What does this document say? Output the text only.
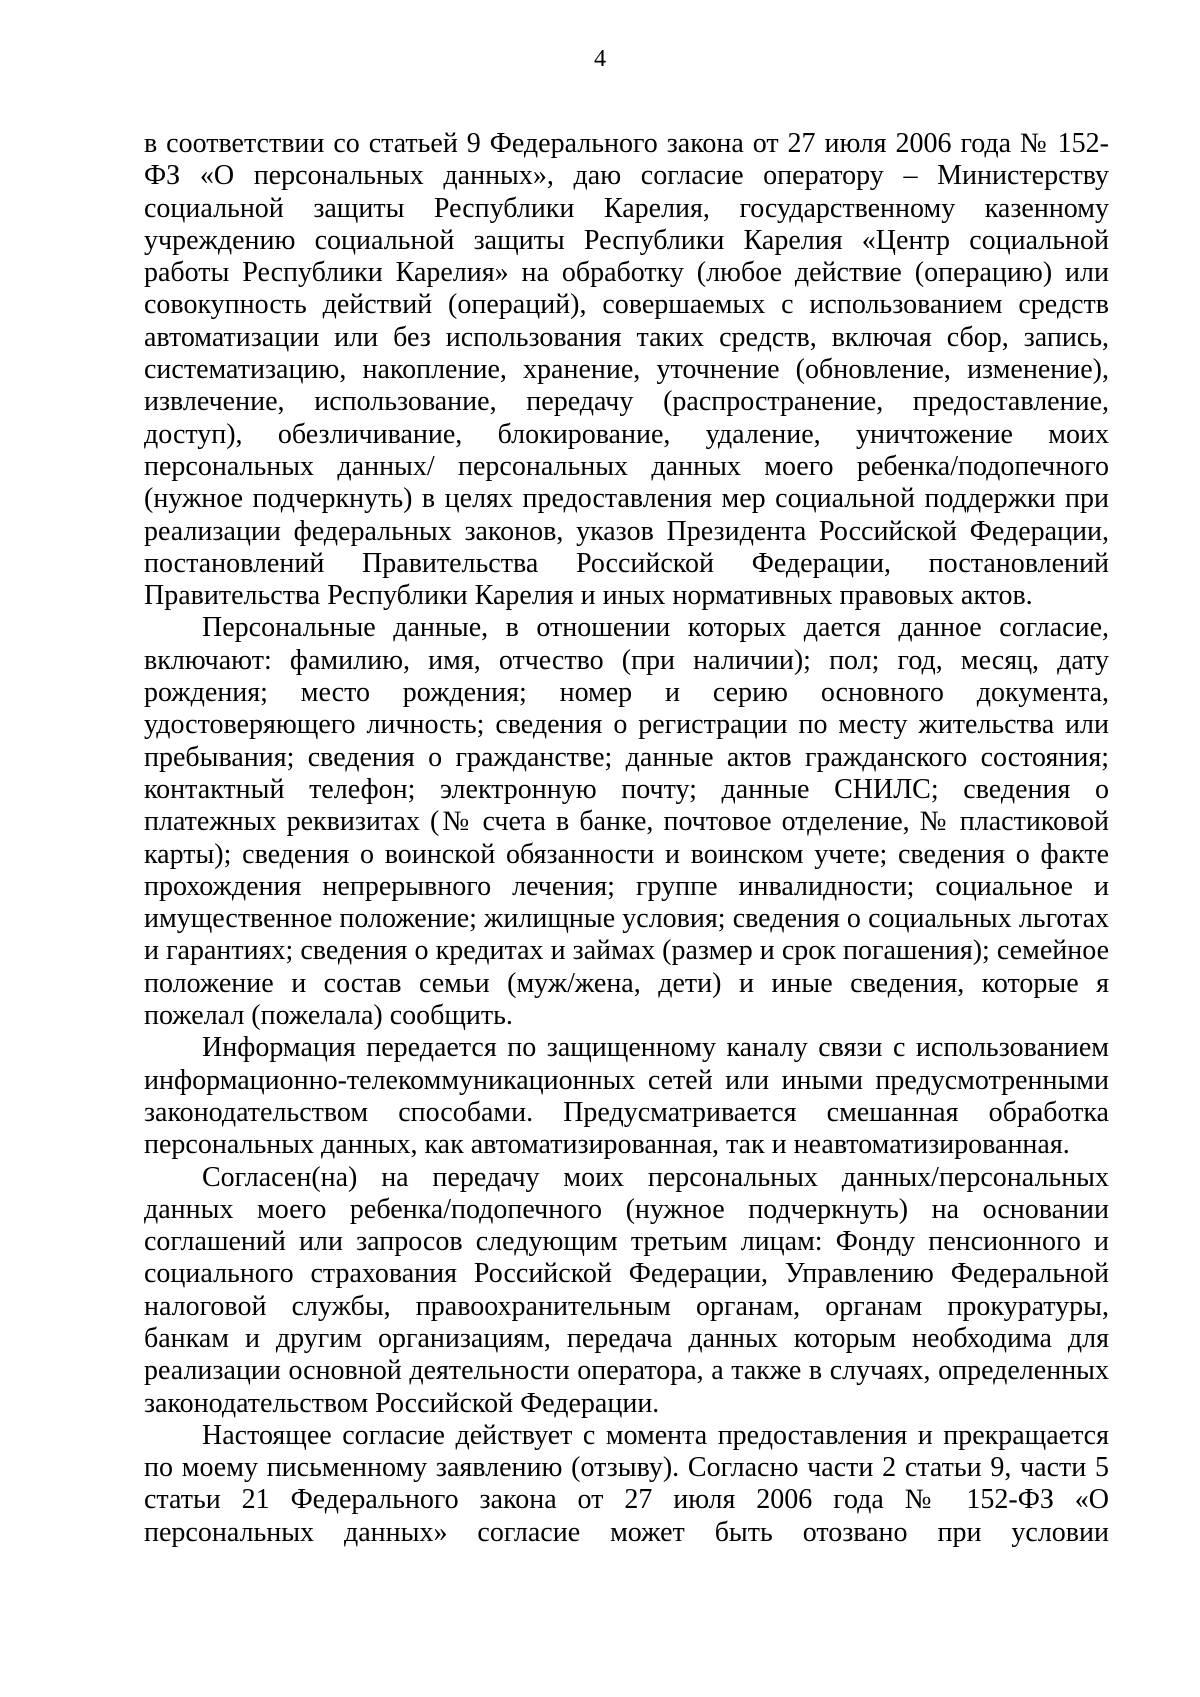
4

в соответствии со статьей 9 Федерального закона от 27 июля 2006 года № 152-ФЗ «О персональных данных», даю согласие оператору – Министерству социальной защиты Республики Карелия, государственному казенному учреждению социальной защиты Республики Карелия «Центр социальной работы Республики Карелия» на обработку (любое действие (операцию) или совокупность действий (операций), совершаемых с использованием средств автоматизации или без использования таких средств, включая сбор, запись, систематизацию, накопление, хранение, уточнение (обновление, изменение), извлечение, использование, передачу (распространение, предоставление, доступ), обезличивание, блокирование, удаление, уничтожение моих персональных данных/ персональных данных моего ребенка/подопечного (нужное подчеркнуть) в целях предоставления мер социальной поддержки при реализации федеральных законов, указов Президента Российской Федерации, постановлений Правительства Российской Федерации, постановлений Правительства Республики Карелия и иных нормативных правовых актов.

Персональные данные, в отношении которых дается данное согласие, включают: фамилию, имя, отчество (при наличии); пол; год, месяц, дату рождения; место рождения; номер и серию основного документа, удостоверяющего личность; сведения о регистрации по месту жительства или пребывания; сведения о гражданстве; данные актов гражданского состояния; контактный телефон; электронную почту; данные СНИЛС; сведения о платежных реквизитах (№ счета в банке, почтовое отделение, № пластиковой карты); сведения о воинской обязанности и воинском учете; сведения о факте прохождения непрерывного лечения; группе инвалидности; социальное и имущественное положение; жилищные условия; сведения о социальных льготах и гарантиях; сведения о кредитах и займах (размер и срок погашения); семейное положение и состав семьи (муж/жена, дети) и иные сведения, которые я пожелал (пожелала) сообщить.

Информация передается по защищенному каналу связи с использованием информационно-телекоммуникационных сетей или иными предусмотренными законодательством способами. Предусматривается смешанная обработка персональных данных, как автоматизированная, так и неавтоматизированная.

Согласен(на) на передачу моих персональных данных/персональных данных моего ребенка/подопечного (нужное подчеркнуть) на основании соглашений или запросов следующим третьим лицам: Фонду пенсионного и социального страхования Российской Федерации, Управлению Федеральной налоговой службы, правоохранительным органам, органам прокуратуры, банкам и другим организациям, передача данных которым необходима для реализации основной деятельности оператора, а также в случаях, определенных законодательством Российской Федерации.

Настоящее согласие действует с момента предоставления и прекращается по моему письменному заявлению (отзыву). Согласно части 2 статьи 9, части 5 статьи 21 Федерального закона от 27 июля 2006 года № 152-ФЗ «О персональных данных» согласие может быть отозвано при условии
